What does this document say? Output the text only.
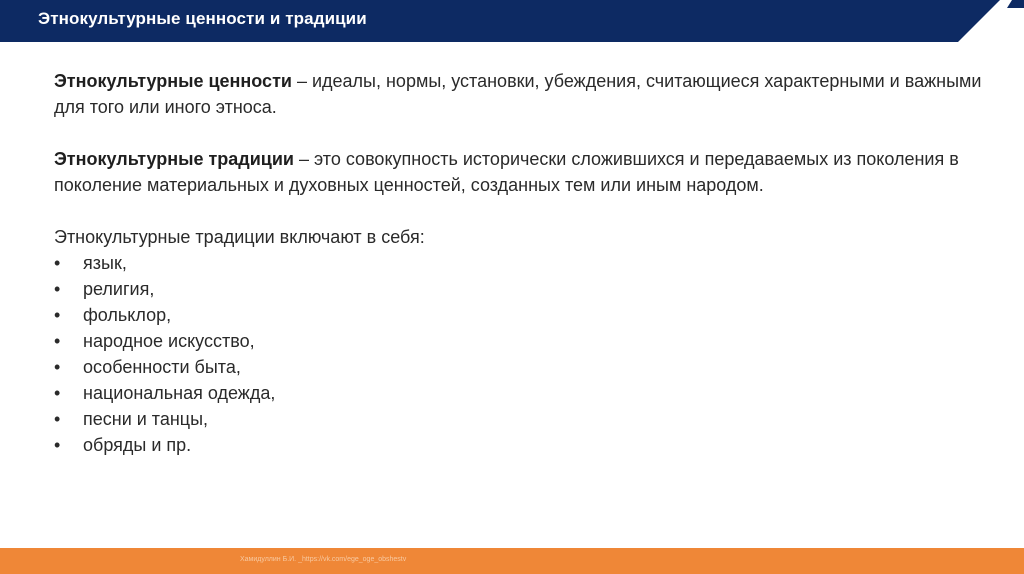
Этнокультурные ценности и традиции

Этнокультурные ценности – идеалы, нормы, установки, убеждения, считающиеся характерными и важными для того или иного этноса.

Этнокультурные традиции – это совокупность исторически сложившихся и передаваемых из поколения в поколение материальных и духовных ценностей, созданных тем или иным народом.

Этнокультурные традиции включают в себя:

• язык,
• религия,
• фольклор,
• народное искусство,
• особенности быта,
• национальная одежда,
• песни и танцы,
• обряды и пр.
Хамидуллин Б.И. _https://vk.com/ege_oge_obshestv
